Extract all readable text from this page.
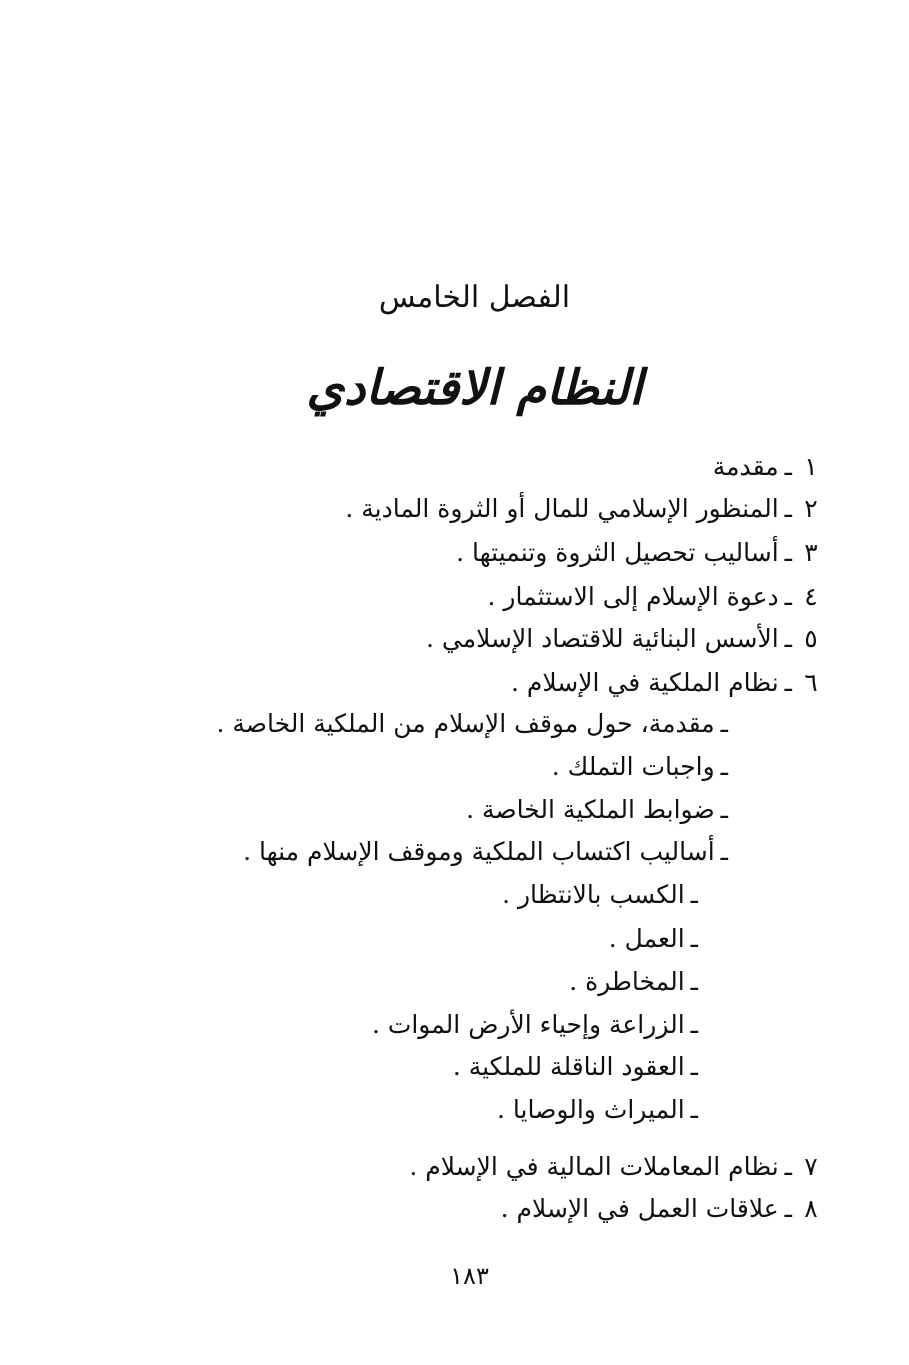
الفصل الخامس
النظام الاقتصادي
١ـمقدمة
٢ـالمنظور الإسلامي للمال أو الثروة المادية .
٣ـأساليب تحصيل الثروة وتنميتها .
٤ـدعوة الإسلام إلى الاستثمار .
٥ـالأسس البنائية للاقتصاد الإسلامي .
٦ـنظام الملكية في الإسلام .
ـمقدمة، حول موقف الإسلام من الملكية الخاصة .
ـواجبات التملك .
ـضوابط الملكية الخاصة .
ـأساليب اكتساب الملكية وموقف الإسلام منها .
ـالكسب بالانتظار .
ـالعمل .
ـالمخاطرة .
ـالزراعة وإحياء الأرض الموات .
ـالعقود الناقلة للملكية .
ـالميراث والوصايا .
٧ـنظام المعاملات المالية في الإسلام .
٨ـعلاقات العمل في الإسلام .
١٨٣
